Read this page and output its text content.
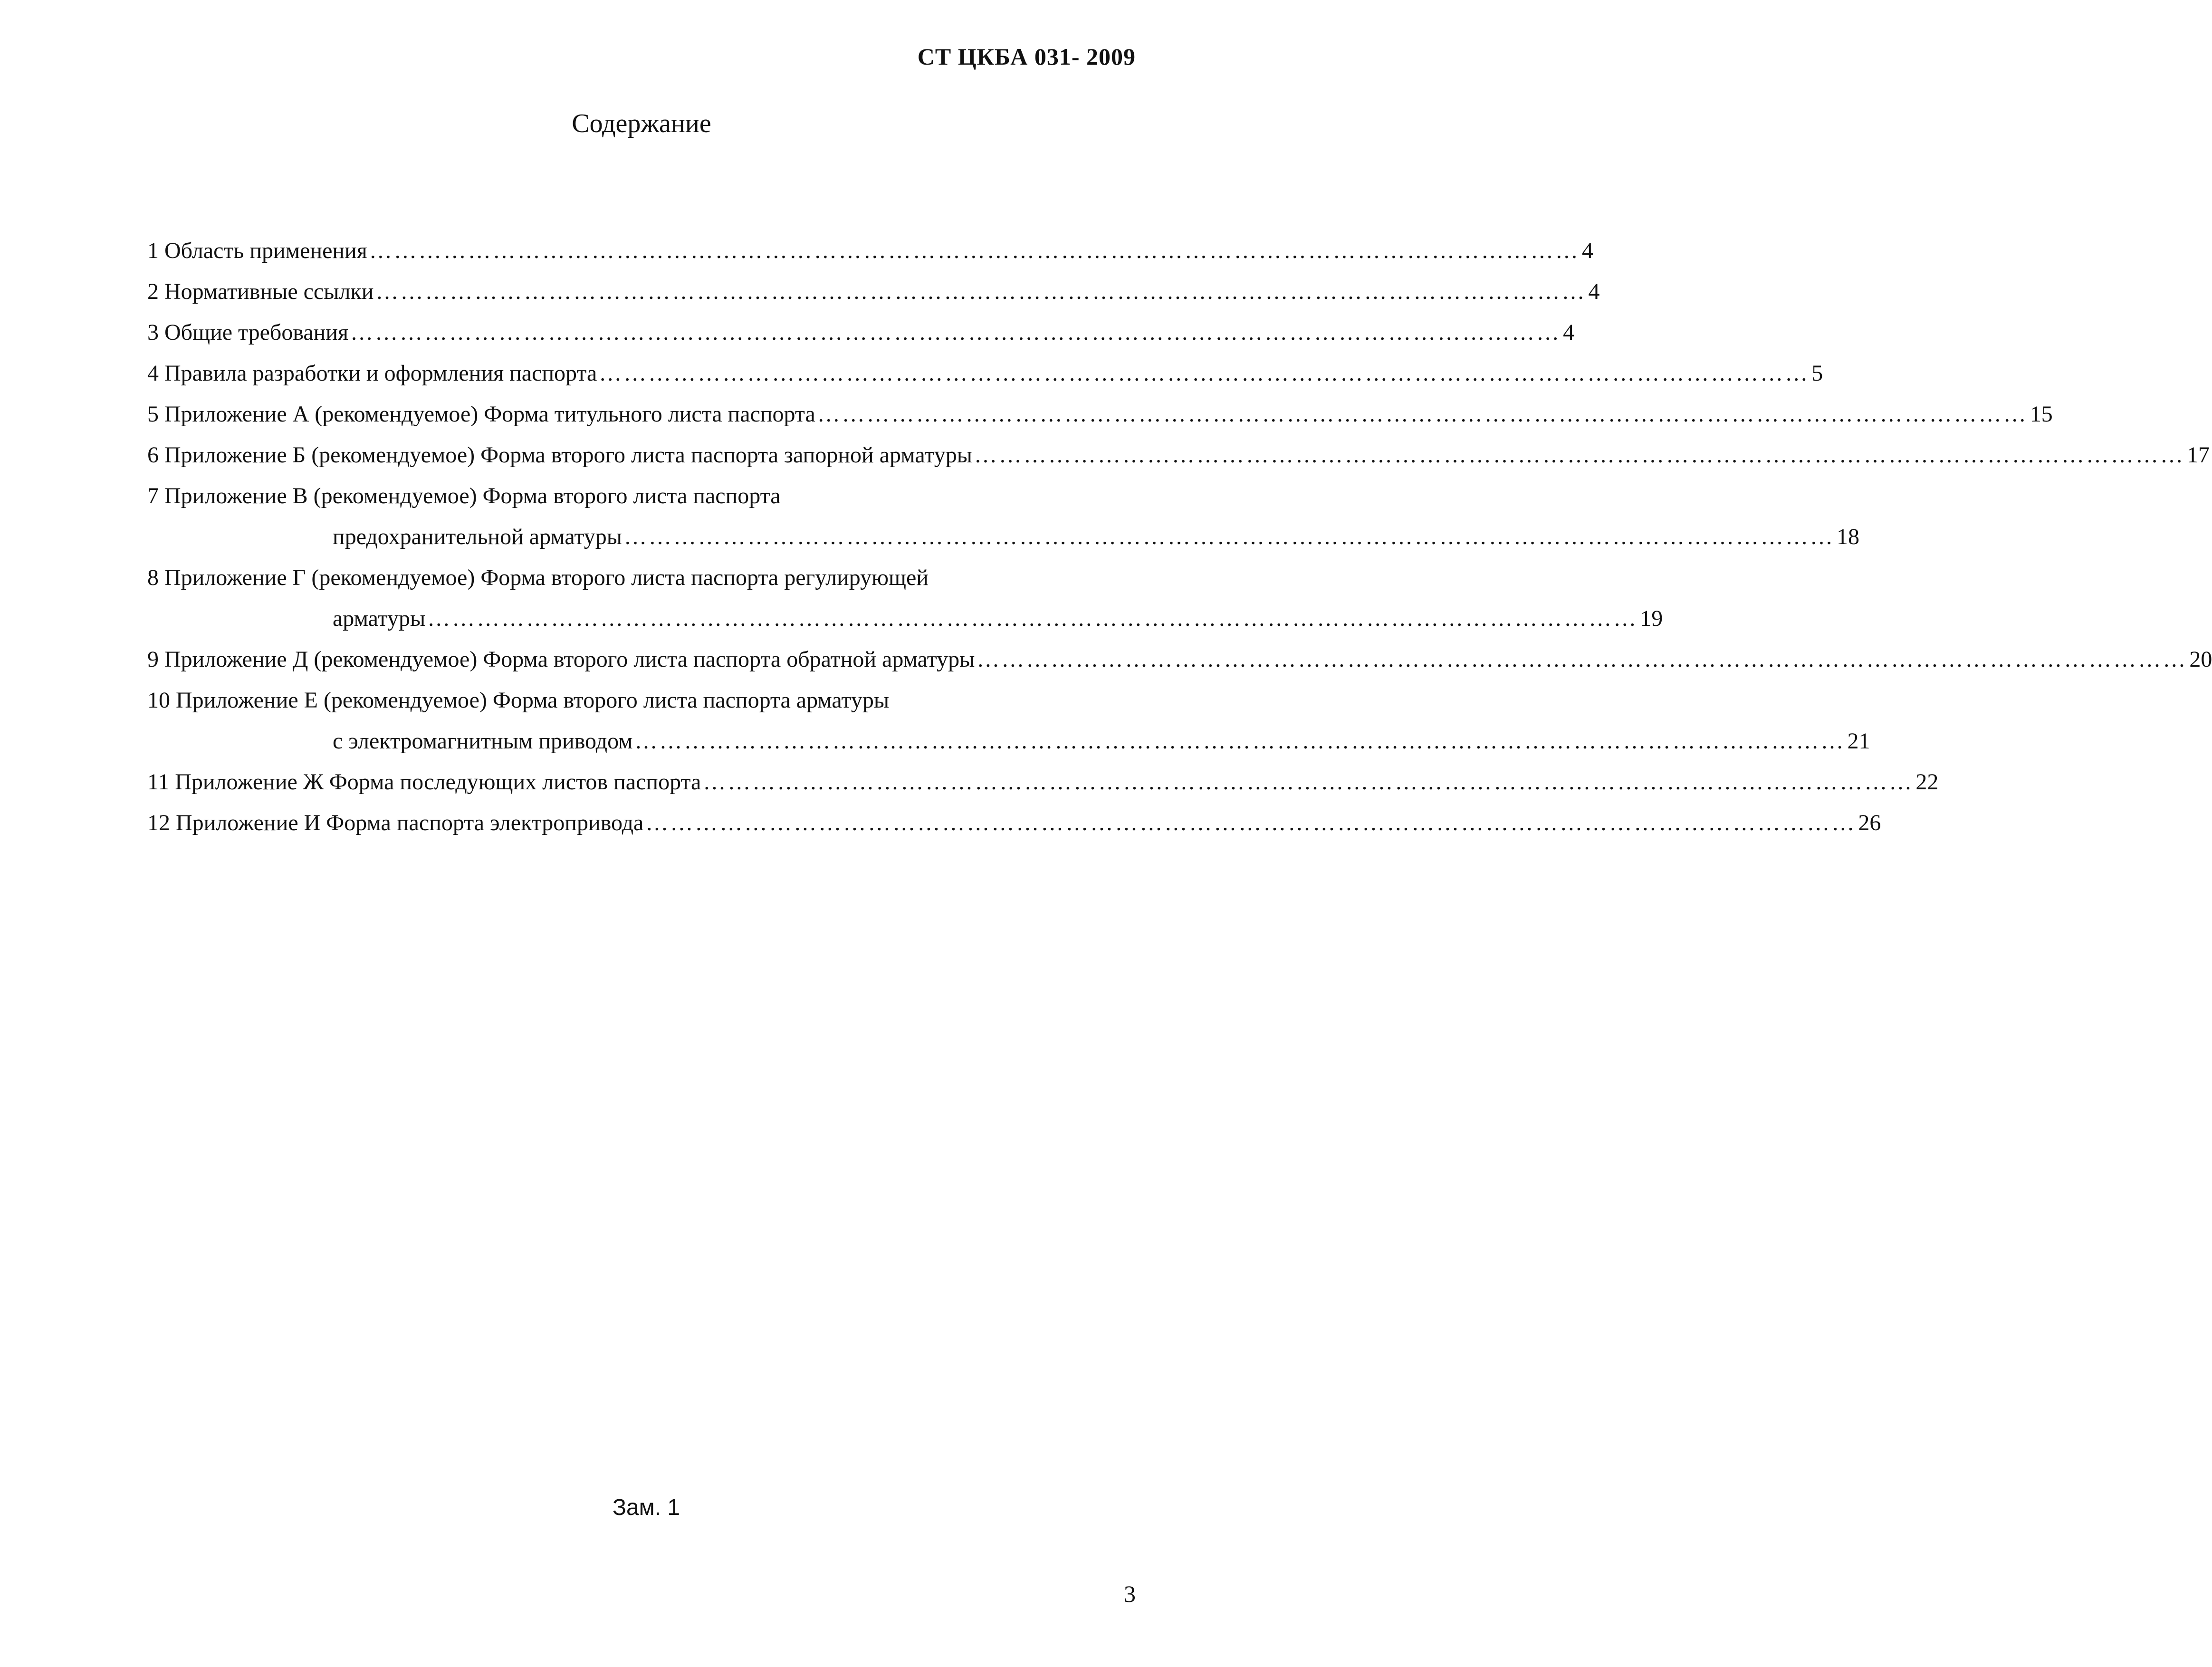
СТ ЦКБА 031- 2009
Содержание
1 Область применения ………………………………………………………………………………………………………………………………… 4
2 Нормативные ссылки ………………………………………………………………………………………………………………………………… 4
3 Общие требования ………………………………………………………………………………………………………………………………… 4
4 Правила разработки и оформления паспорта ………………………………………………………………………………………………………………………………… 5
5 Приложение А (рекомендуемое) Форма титульного листа паспорта ………………………………………………………………………………………………………………………………… 15
6 Приложение Б (рекомендуемое) Форма второго листа паспорта запорной арматуры ………………………………………………………………………………………………………………………………… 17
7 Приложение В (рекомендуемое) Форма второго листа паспорта
предохранительной арматуры ………………………………………………………………………………………………………………………………… 18
8 Приложение Г (рекомендуемое) Форма второго листа паспорта регулирующей
арматуры ………………………………………………………………………………………………………………………………… 19
9 Приложение Д (рекомендуемое) Форма второго листа паспорта обратной арматуры ………………………………………………………………………………………………………………………………… 20
10 Приложение Е (рекомендуемое) Форма второго листа паспорта арматуры
с электромагнитным приводом ………………………………………………………………………………………………………………………………… 21
11 Приложение Ж Форма последующих листов паспорта ………………………………………………………………………………………………………………………………… 22
12 Приложение И Форма паспорта электропривода ………………………………………………………………………………………………………………………………… 26
Зам. 1
3
